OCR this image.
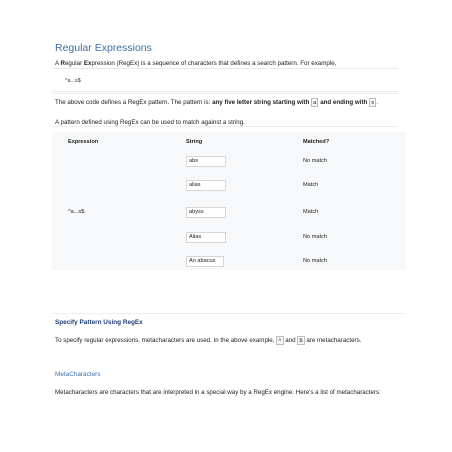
Regular Expressions
A Regular Expression (RegEx) is a sequence of characters that defines a search pattern. For example,
^a...s$
The above code defines a RegEx pattern. The pattern is: any five letter string starting with a and ending with s .
A pattern defined using RegEx can be used to match against a string.
Expression	String	Matched?
^a...s$
abs	No match
alias	Match
abyss	Match
Alias	No match
An abacus	No match
Specify Pattern Using RegEx
To specify regular expressions, metacharacters are used. In the above example, ^ and $ are metacharacters.
MetaCharacters
Metacharacters are characters that are interpreted in a special way by a RegEx engine. Here's a list of metacharacters:
